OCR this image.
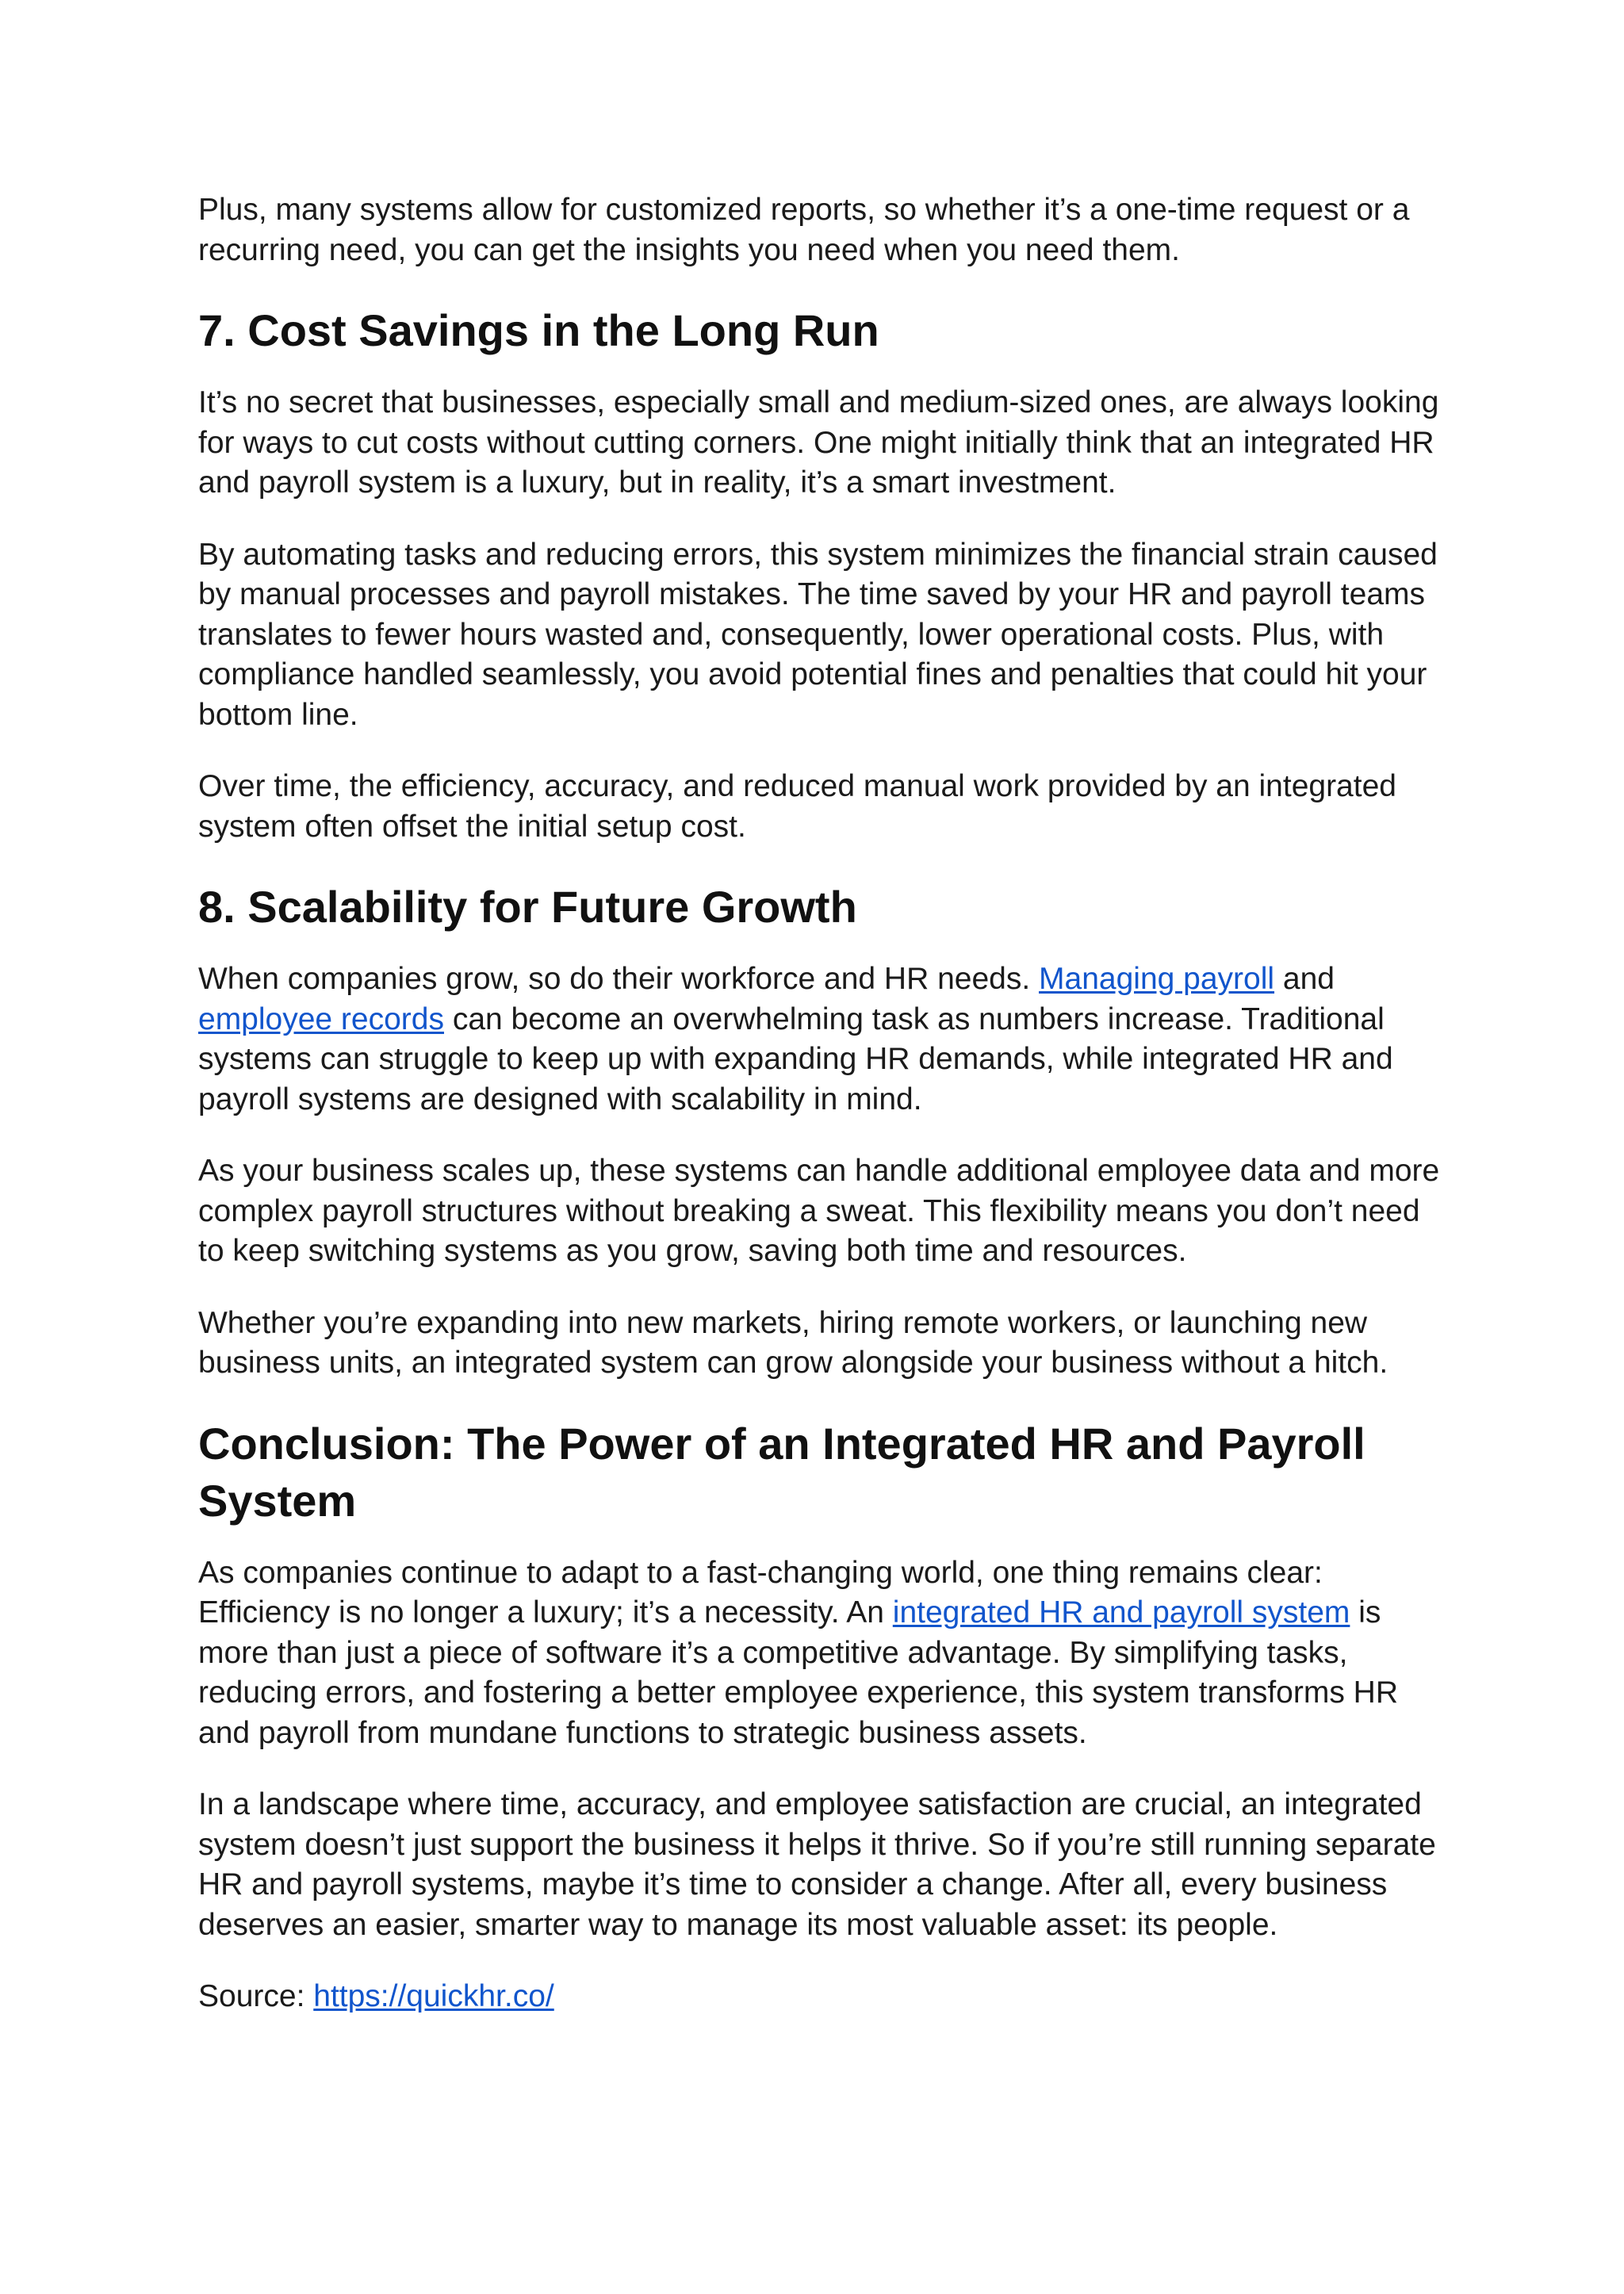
Plus, many systems allow for customized reports, so whether it’s a one-time request or a recurring need, you can get the insights you need when you need them.

7. Cost Savings in the Long Run

It’s no secret that businesses, especially small and medium-sized ones, are always looking for ways to cut costs without cutting corners. One might initially think that an integrated HR and payroll system is a luxury, but in reality, it’s a smart investment.

By automating tasks and reducing errors, this system minimizes the financial strain caused by manual processes and payroll mistakes. The time saved by your HR and payroll teams translates to fewer hours wasted and, consequently, lower operational costs. Plus, with compliance handled seamlessly, you avoid potential fines and penalties that could hit your bottom line.

Over time, the efficiency, accuracy, and reduced manual work provided by an integrated system often offset the initial setup cost.

8. Scalability for Future Growth

When companies grow, so do their workforce and HR needs. Managing payroll and employee records can become an overwhelming task as numbers increase. Traditional systems can struggle to keep up with expanding HR demands, while integrated HR and payroll systems are designed with scalability in mind.

As your business scales up, these systems can handle additional employee data and more complex payroll structures without breaking a sweat. This flexibility means you don’t need to keep switching systems as you grow, saving both time and resources.

Whether you’re expanding into new markets, hiring remote workers, or launching new business units, an integrated system can grow alongside your business without a hitch.

Conclusion: The Power of an Integrated HR and Payroll System

As companies continue to adapt to a fast-changing world, one thing remains clear: Efficiency is no longer a luxury; it’s a necessity. An integrated HR and payroll system is more than just a piece of software it’s a competitive advantage. By simplifying tasks, reducing errors, and fostering a better employee experience, this system transforms HR and payroll from mundane functions to strategic business assets.

In a landscape where time, accuracy, and employee satisfaction are crucial, an integrated system doesn’t just support the business it helps it thrive. So if you’re still running separate HR and payroll systems, maybe it’s time to consider a change. After all, every business deserves an easier, smarter way to manage its most valuable asset: its people.

Source: https://quickhr.co/
